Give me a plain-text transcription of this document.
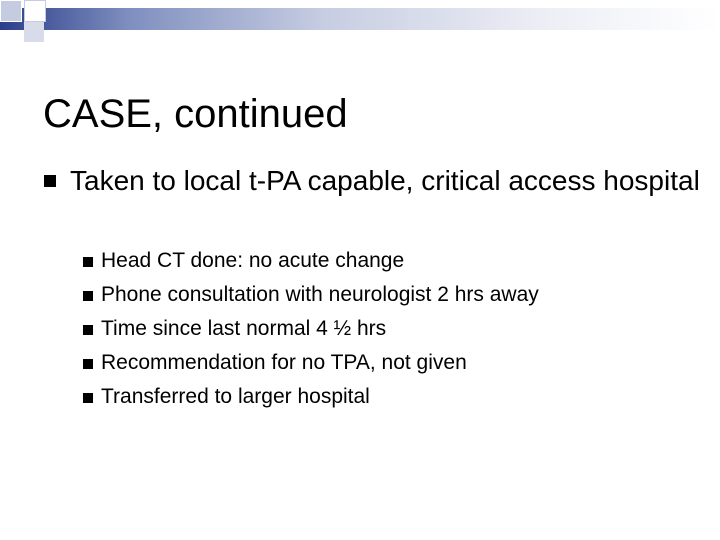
CASE, continued
Taken to local t-PA capable, critical access hospital
Head CT done: no acute change
Phone consultation with neurologist 2 hrs away
Time since last normal 4 ½ hrs
Recommendation for no TPA, not given
Transferred to larger hospital
